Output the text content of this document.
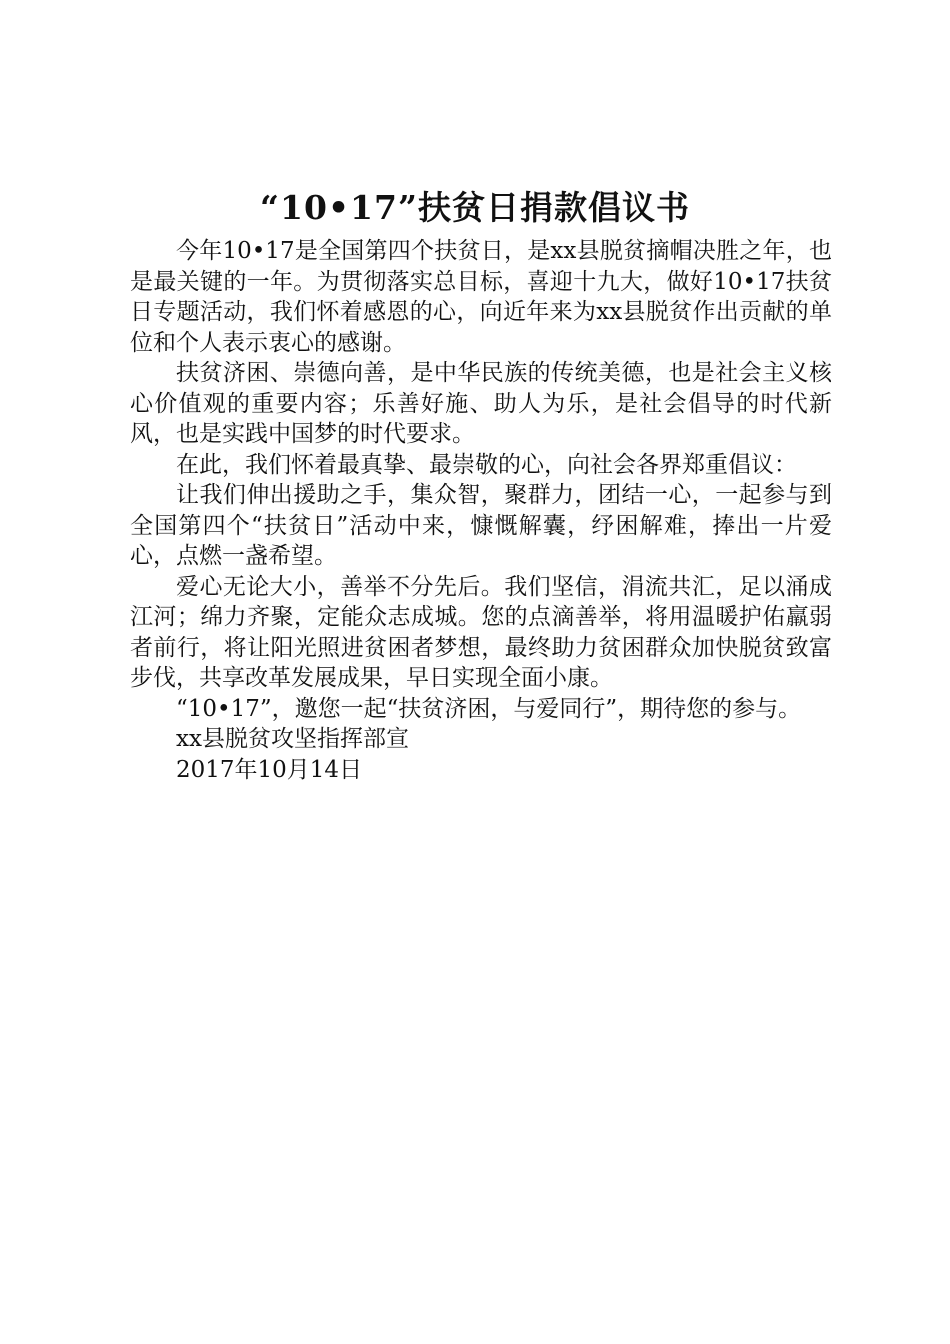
“10•17”扶贫日捐款倡议书

今年10•17是全国第四个扶贫日，是xx县脱贫摘帽决胜之年，也是最关键的一年。为贯彻落实总目标，喜迎十九大，做好10•17扶贫日专题活动，我们怀着感恩的心，向近年来为xx县脱贫作出贡献的单位和个人表示衷心的感谢。

扶贫济困、崇德向善，是中华民族的传统美德，也是社会主义核心价值观的重要内容；乐善好施、助人为乐，是社会倡导的时代新风，也是实践中国梦的时代要求。

在此，我们怀着最真挚、最崇敬的心，向社会各界郑重倡议：

让我们伸出援助之手，集众智，聚群力，团结一心，一起参与到全国第四个“扶贫日”活动中来，慷慨解囊，纾困解难，捧出一片爱心，点燃一盏希望。

爱心无论大小，善举不分先后。我们坚信，涓流共汇，足以涌成江河；绵力齐聚，定能众志成城。您的点滴善举，将用温暖护佑羸弱者前行，将让阳光照进贫困者梦想，最终助力贫困群众加快脱贫致富步伐，共享改革发展成果，早日实现全面小康。

“10•17”，邀您一起“扶贫济困，与爱同行”，期待您的参与。

xx县脱贫攻坚指挥部宣

2017年10月14日
